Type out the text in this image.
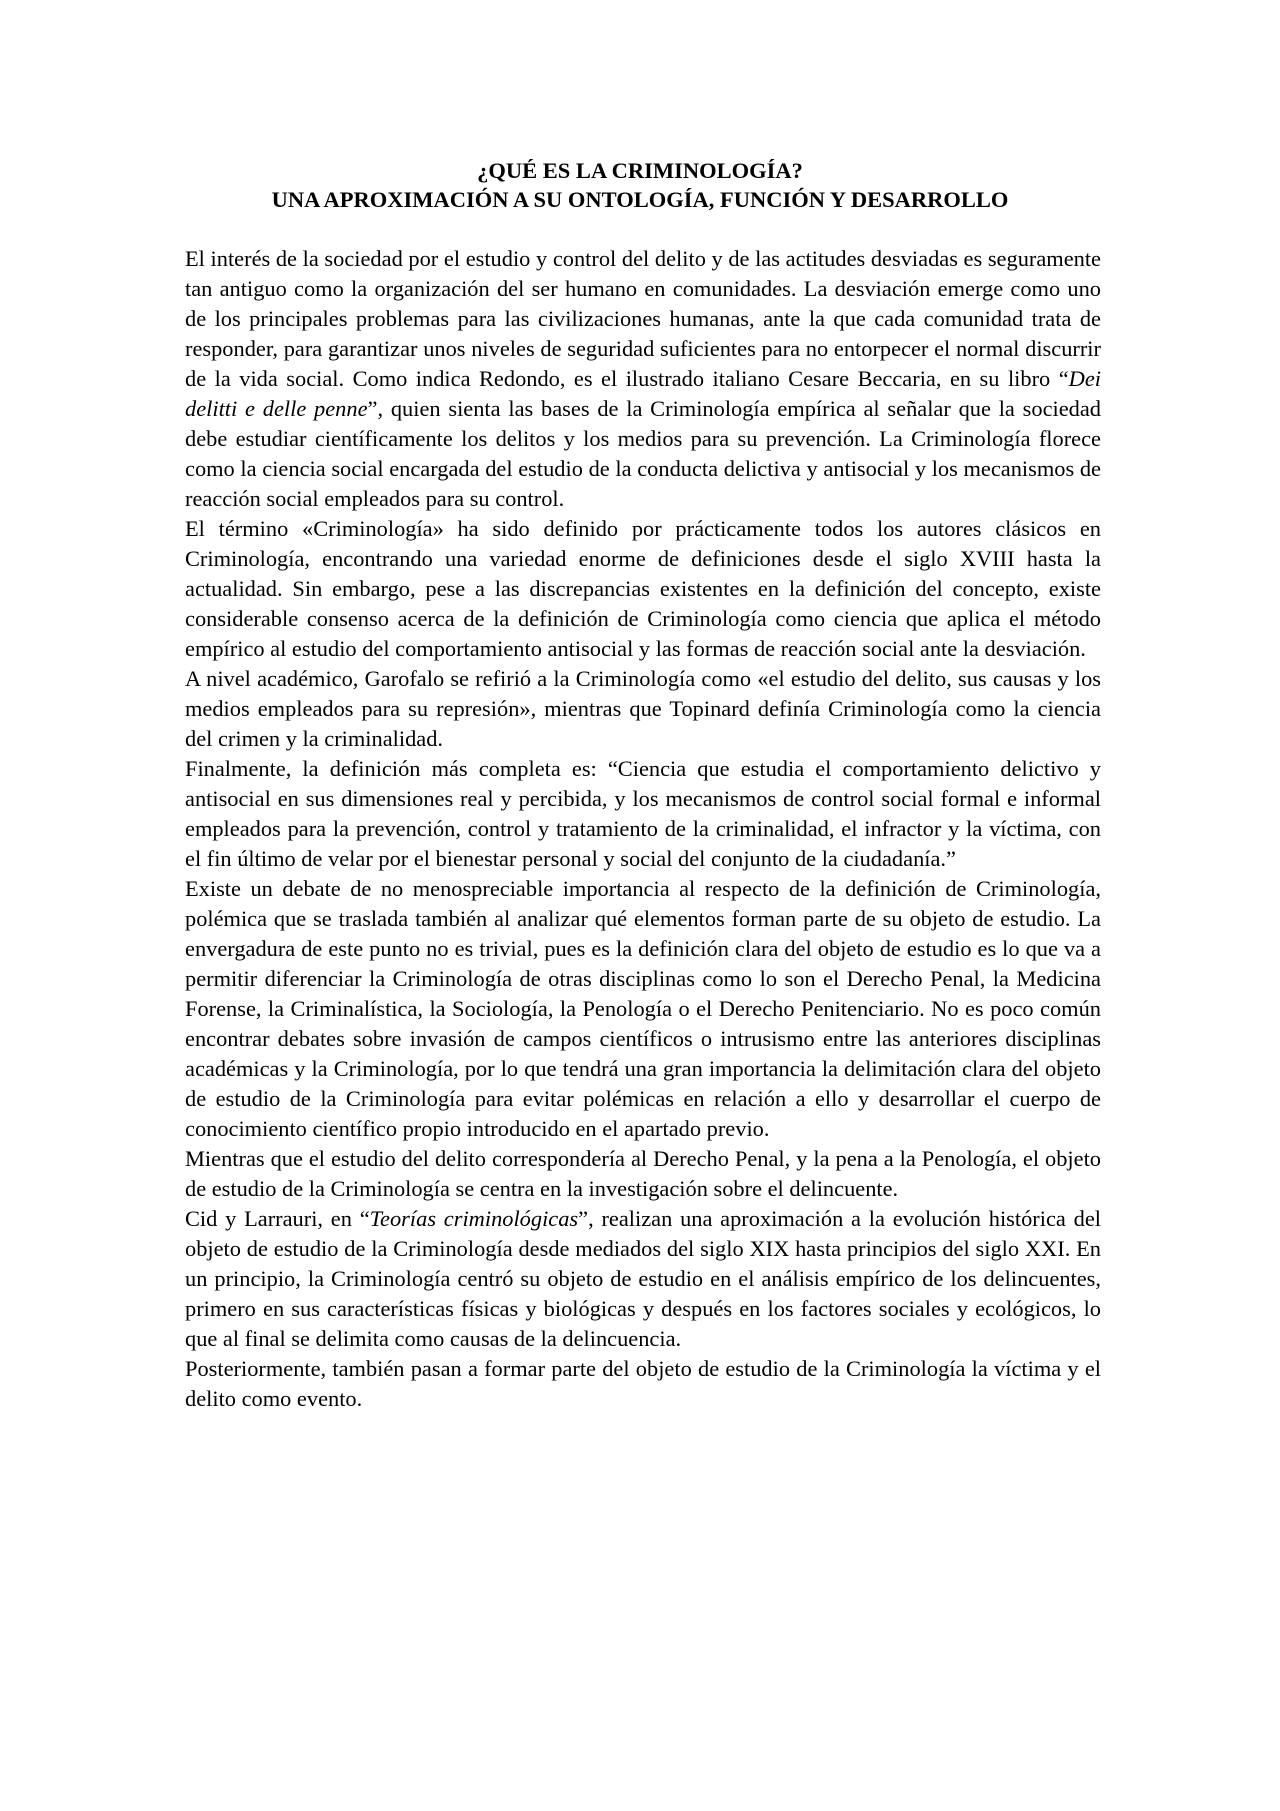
¿QUÉ ES LA CRIMINOLOGÍA?
UNA APROXIMACIÓN A SU ONTOLOGÍA, FUNCIÓN Y DESARROLLO

El interés de la sociedad por el estudio y control del delito y de las actitudes desviadas es seguramente tan antiguo como la organización del ser humano en comunidades. La desviación emerge como uno de los principales problemas para las civilizaciones humanas, ante la que cada comunidad trata de responder, para garantizar unos niveles de seguridad suficientes para no entorpecer el normal discurrir de la vida social. Como indica Redondo, es el ilustrado italiano Cesare Beccaria, en su libro “Dei delitti e delle penne”, quien sienta las bases de la Criminología empírica al señalar que la sociedad debe estudiar científicamente los delitos y los medios para su prevención. La Criminología florece como la ciencia social encargada del estudio de la conducta delictiva y antisocial y los mecanismos de reacción social empleados para su control.

El término «Criminología» ha sido definido por prácticamente todos los autores clásicos en Criminología, encontrando una variedad enorme de definiciones desde el siglo XVIII hasta la actualidad. Sin embargo, pese a las discrepancias existentes en la definición del concepto, existe considerable consenso acerca de la definición de Criminología como ciencia que aplica el método empírico al estudio del comportamiento antisocial y las formas de reacción social ante la desviación.

A nivel académico, Garofalo se refirió a la Criminología como «el estudio del delito, sus causas y los medios empleados para su represión», mientras que Topinard definía Criminología como la ciencia del crimen y la criminalidad.

Finalmente, la definición más completa es: “Ciencia que estudia el comportamiento delictivo y antisocial en sus dimensiones real y percibida, y los mecanismos de control social formal e informal empleados para la prevención, control y tratamiento de la criminalidad, el infractor y la víctima, con el fin último de velar por el bienestar personal y social del conjunto de la ciudadanía.”

Existe un debate de no menospreciable importancia al respecto de la definición de Criminología, polémica que se traslada también al analizar qué elementos forman parte de su objeto de estudio. La envergadura de este punto no es trivial, pues es la definición clara del objeto de estudio es lo que va a permitir diferenciar la Criminología de otras disciplinas como lo son el Derecho Penal, la Medicina Forense, la Criminalística, la Sociología, la Penología o el Derecho Penitenciario. No es poco común encontrar debates sobre invasión de campos científicos o intrusismo entre las anteriores disciplinas académicas y la Criminología, por lo que tendrá una gran importancia la delimitación clara del objeto de estudio de la Criminología para evitar polémicas en relación a ello y desarrollar el cuerpo de conocimiento científico propio introducido en el apartado previo.

Mientras que el estudio del delito correspondería al Derecho Penal, y la pena a la Penología, el objeto de estudio de la Criminología se centra en la investigación sobre el delincuente.

Cid y Larrauri, en “Teorías criminológicas”, realizan una aproximación a la evolución histórica del objeto de estudio de la Criminología desde mediados del siglo XIX hasta principios del siglo XXI. En un principio, la Criminología centró su objeto de estudio en el análisis empírico de los delincuentes, primero en sus características físicas y biológicas y después en los factores sociales y ecológicos, lo que al final se delimita como causas de la delincuencia.

Posteriormente, también pasan a formar parte del objeto de estudio de la Criminología la víctima y el delito como evento.
